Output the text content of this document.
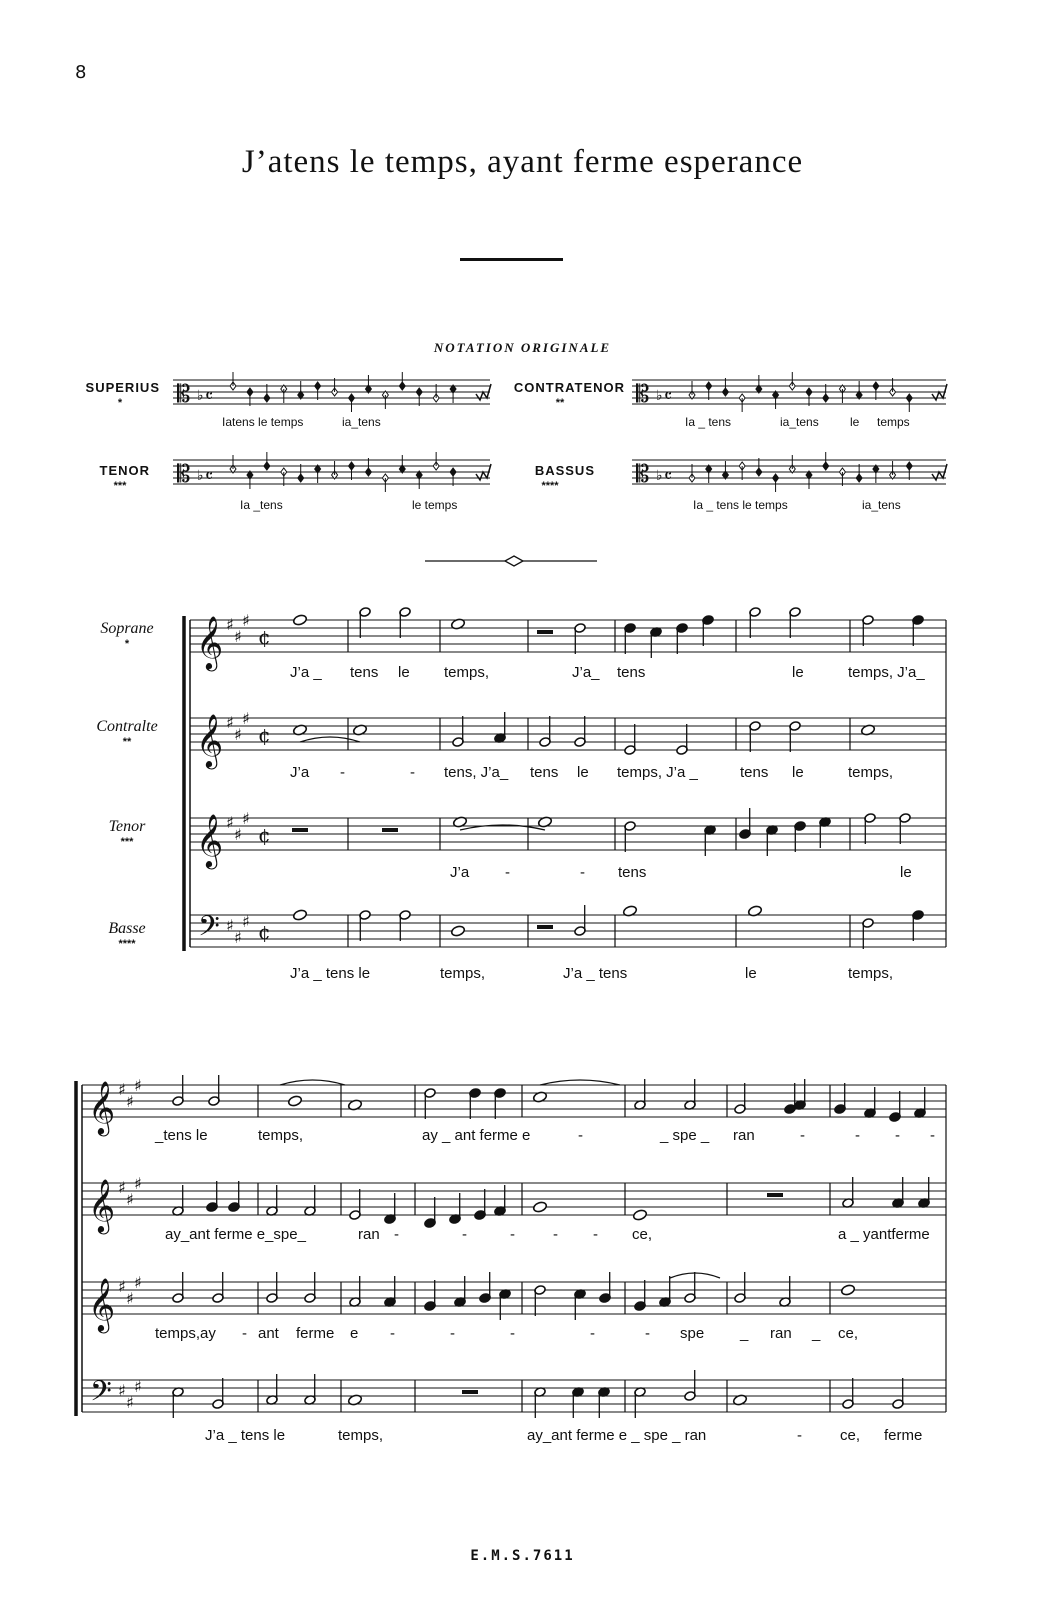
8
J’atens le temps, ayant ferme esperance
NOTATION ORIGINALE
SUPERIUS
*
CONTRATENOR
**
TENOR
***
BASSUS
****
Iatens le temps	ia_tens	Ia _ tens	ia_tens	le temps
Ia _tens	le temps	Ia _ tens le temps	ia_tens
Soprane
*
Contralte
**
Tenor
***
Basse
****
J’a _ tens le temps,	J’a_ tens	le	temps, J’a_
J’a -	- tens, J’a_ tens le temps, J’a _	tens le	temps,
J’a -	- tens	le
J’a _ tens le	temps,	J’a _ tens	le	temps,
_tens le	temps,	ay _ ant ferme e	-	_ spe _ ran	-	- - -
ay_ant ferme e_spe_	ran -	-	-	- - ce,	a _ yantferme
temps,ay - ant ferme e -	-	-	-	- spe _ ran _ ce,
J’a _ tens le	temps,	ay_ant ferme e _ spe _ ran	-	ce, ferme
E.M.S.7611
𝄡 ♭ 𝄴	𝄡 ♭ 𝄴
𝄡 ♭ 𝄴	𝄡 ♭ 𝄴
𝄞 ♯
♯
♯
𝄞 ♯
♯
♯
𝄞 ♯
♯
♯
𝄢 ♯
♯
♯
𝄞 ♯
♯
♯
𝄞 ♯
♯
♯
𝄞 ♯
♯
♯
𝄢 ♯
♯
♯
¢
¢
¢
¢
